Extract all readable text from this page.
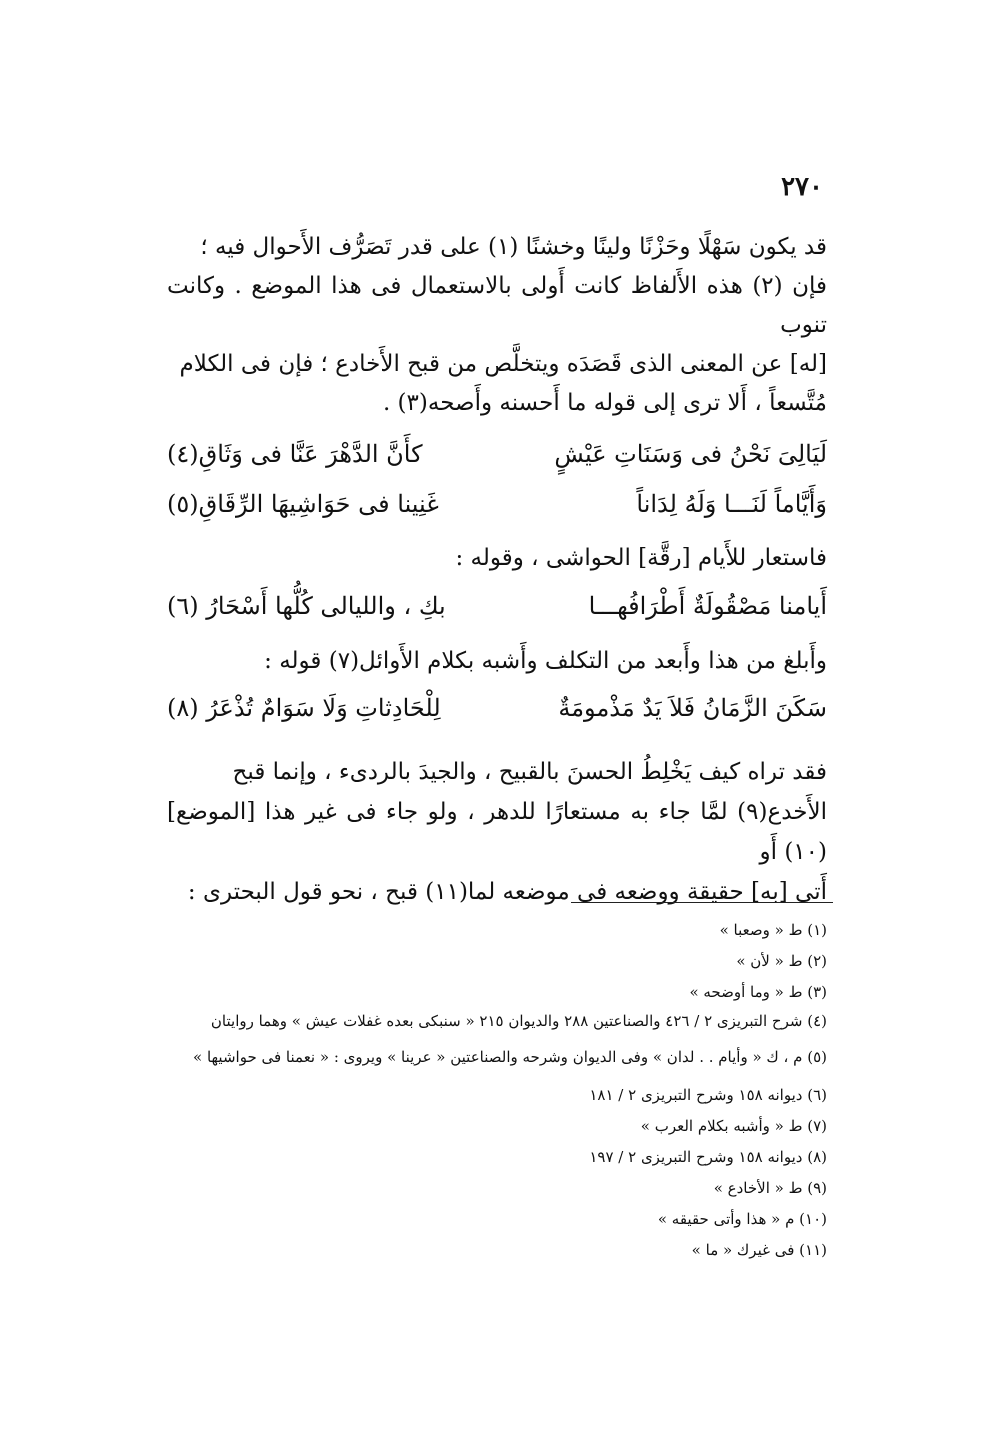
٢٧٠

قد يكون سَهْلًا وحَزْنًا ولينًا وخشنًا (١) على قدر تَصَرُّف الأَحوال فيه ؛

فإن (٢) هذه الأَلفاظ كانت أَولى بالاستعمال فى هذا الموضع . وكانت تنوب

[له] عن المعنى الذى قَصَدَه ويتخلَّص من قبح الأَخادع ؛ فإن فى الكلام

مُتَّسعاً ، أَلا ترى إلى قوله ما أَحسنه وأَصحه(٣) .

لَيَالِىَ نَحْنُ فى وَسَنَاتِ عَيْشٍ
كأَنَّ الدَّهْرَ عَنَّا فى وَثَاقِ(٤)
وَأَيَّاماً لَنَـــا وَلَهُ لِدَاناً
غَنِينا فى حَوَاشِيهَا الرِّقَاقِ(٥)
فاستعار للأَيام [رقَّة] الحواشى ، وقوله :
أَيامنا مَصْقُولَةٌ أَطْرَافُهـــا
بكِ ، والليالى كُلُّها أَسْحَارُ (٦)
وأَبلغ من هذا وأَبعد من التكلف وأَشبه بكلام الأَوائل(٧) قوله :
سَكَنَ الزَّمَانُ فَلاَ يَدٌ مَذْمومَةٌ
لِلْحَادِثاتِ وَلَا سَوَامٌ تُذْعَرُ (٨)

فقد تراه كيف يَخْلِطُ الحسنَ بالقبيح ، والجيدَ بالردىء ، وإنما قبح

الأَخدع(٩) لمَّا جاء به مستعارًا للدهر ، ولو جاء فى غير هذا [الموضع](١٠) أَو

أَتى [به] حقيقة ووضعه فى موضعه لما(١١) قبح ، نحو قول البحترى :

(١) ط « وصعبا »

(٢) ط « لأن »

(٣) ط « وما أوضحه »

(٤) شرح التبريزى ٢ / ٤٢٦ والصناعتين ٢٨٨ والديوان ٢١٥ « سنبكى بعده غفلات عيش » وهما روايتان

(٥) م ، ك « وأيام . . لدان » وفى الديوان وشرحه والصناعتين « عرينا » ويروى : « نعمنا فى حواشيها »

(٦) ديوانه ١٥٨ وشرح التبريزى ٢ / ١٨١

(٧) ط « وأشبه بكلام العرب »

(٨) ديوانه ١٥٨ وشرح التبريزى ٢ / ١٩٧

(٩) ط « الأخادع »

(١٠) م « هذا وأتى حقيقه »

(١١) فى غيرك « ما »
